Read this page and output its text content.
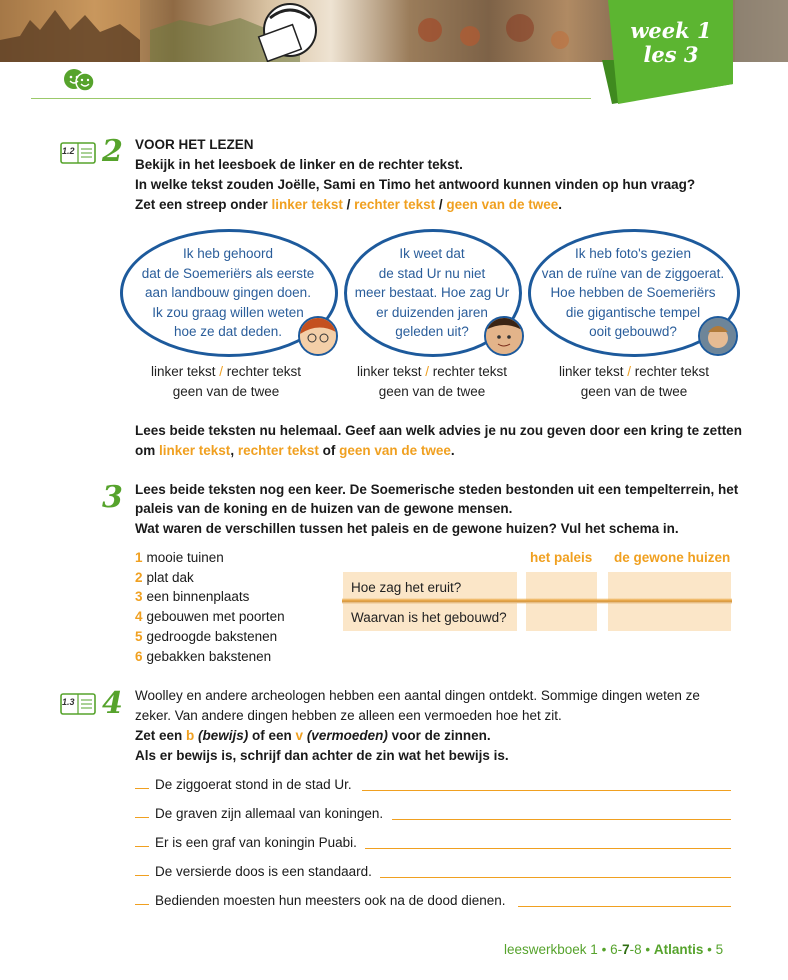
week 1
les 3
1.2 2 VOOR HET LEZEN
Bekijk in het leesboek de linker en de rechter tekst.
In welke tekst zouden Joëlle, Sami en Timo het antwoord kunnen vinden op hun vraag?
Zet een streep onder linker tekst / rechter tekst / geen van de twee.
Ik heb gehoord
dat de Soemeriërs als eerste
aan landbouw gingen doen.
Ik zou graag willen weten
hoe ze dat deden.
Ik weet dat
de stad Ur nu niet
meer bestaat. Hoe zag Ur
er duizenden jaren
geleden uit?
Ik heb foto's gezien
van de ruïne van de ziggoerat.
Hoe hebben de Soemeriërs
die gigantische tempel
ooit gebouwd?
linker tekst / rechter tekst
geen van de twee
linker tekst / rechter tekst
geen van de twee
linker tekst / rechter tekst
geen van de twee
Lees beide teksten nu helemaal. Geef aan welk advies je nu zou geven door een kring te zetten
om linker tekst, rechter tekst of geen van de twee.
3 Lees beide teksten nog een keer. De Soemerische steden bestonden uit een tempelterrein, het
paleis van de koning en de huizen van de gewone mensen.
Wat waren de verschillen tussen het paleis en de gewone huizen? Vul het schema in.
1 mooie tuinen
2 plat dak
3 een binnenplaats
4 gebouwen met poorten
5 gedroogde bakstenen
6 gebakken bakstenen
het paleis de gewone huizen
Hoe zag het eruit?
Waarvan is het gebouwd?
1.3 4 Woolley en andere archeologen hebben een aantal dingen ontdekt. Sommige dingen weten ze
zeker. Van andere dingen hebben ze alleen een vermoeden hoe het zit.
Zet een b (bewijs) of een v (vermoeden) voor de zinnen.
Als er bewijs is, schrijf dan achter de zin wat het bewijs is.
De ziggoerat stond in de stad Ur.
De graven zijn allemaal van koningen.
Er is een graf van koningin Puabi.
De versierde doos is een standaard.
Bedienden moesten hun meesters ook na de dood dienen.
leeswerkboek 1 • 6-7-8 • Atlantis • 5
